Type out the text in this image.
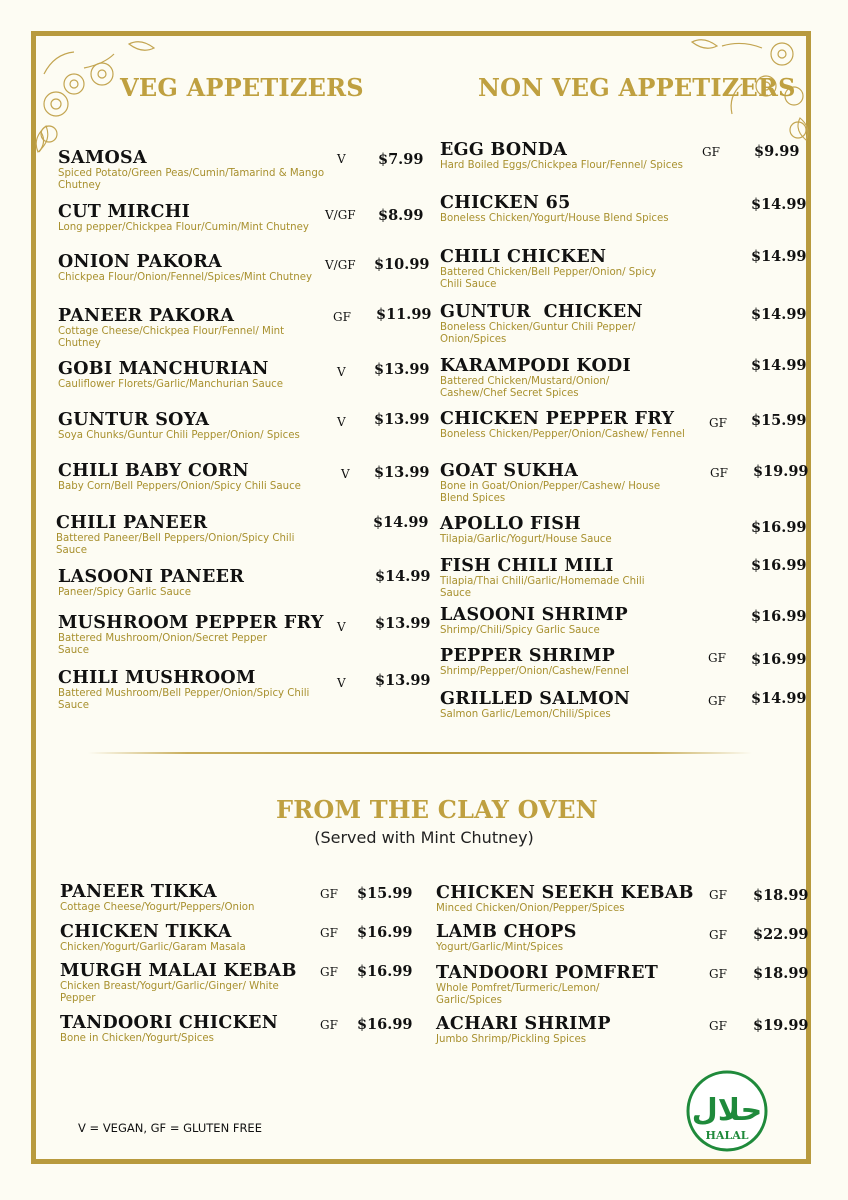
VEG APPETIZERS	NON VEG APPETIZERS
SAMOSA
Spiced Potato/Green Peas/Cumin/Tamarind & Mango Chutney
V $7.99
CUT MIRCHI
Long pepper/Chickpea Flour/Cumin/Mint Chutney
V/GF $8.99
ONION PAKORA
Chickpea Flour/Onion/Fennel/Spices/Mint Chutney
V/GF $10.99
PANEER PAKORA
Cottage Cheese/Chickpea Flour/Fennel/ Mint Chutney
GF $11.99
GOBI MANCHURIAN
Cauliflower Florets/Garlic/Manchurian Sauce
V $13.99
GUNTUR SOYA
Soya Chunks/Guntur Chili Pepper/Onion/ Spices
V $13.99
CHILI BABY CORN
Baby Corn/Bell Peppers/Onion/Spicy Chili Sauce
V $13.99
CHILI PANEER
Battered Paneer/Bell Peppers/Onion/Spicy Chili Sauce
$14.99
LASOONI PANEER
Paneer/Spicy Garlic Sauce
$14.99
MUSHROOM PEPPER FRY
Battered Mushroom/Onion/Secret Pepper Sauce
V $13.99
CHILI MUSHROOM
Battered Mushroom/Bell Pepper/Onion/Spicy Chili Sauce
V $13.99
EGG BONDA
Hard Boiled Eggs/Chickpea Flour/Fennel/ Spices
GF $9.99
CHICKEN 65
Boneless Chicken/Yogurt/House Blend Spices
$14.99
CHILI CHICKEN
Battered Chicken/Bell Pepper/Onion/ Spicy Chili Sauce
$14.99
GUNTUR  CHICKEN
Boneless Chicken/Guntur Chili Pepper/ Onion/Spices
$14.99
KARAMPODI KODI
Battered Chicken/Mustard/Onion/ Cashew/Chef Secret Spices
$14.99
CHICKEN PEPPER FRY
Boneless Chicken/Pepper/Onion/Cashew/ Fennel
GF $15.99
GOAT SUKHA
Bone in Goat/Onion/Pepper/Cashew/ House Blend Spices
GF $19.99
APOLLO FISH
Tilapia/Garlic/Yogurt/House Sauce
$16.99
FISH CHILI MILI
Tilapia/Thai Chili/Garlic/Homemade Chili Sauce
$16.99
LASOONI SHRIMP
Shrimp/Chili/Spicy Garlic Sauce
$16.99
PEPPER SHRIMP
Shrimp/Pepper/Onion/Cashew/Fennel
GF $16.99
GRILLED SALMON
Salmon Garlic/Lemon/Chili/Spices
GF $14.99
FROM THE CLAY OVEN

(Served with Mint Chutney)

PANEER TIKKA
Cottage Cheese/Yogurt/Peppers/Onion
GF $15.99
CHICKEN TIKKA
Chicken/Yogurt/Garlic/Garam Masala
GF $16.99
MURGH MALAI KEBAB
Chicken Breast/Yogurt/Garlic/Ginger/ White Pepper
GF $16.99
TANDOORI CHICKEN
Bone in Chicken/Yogurt/Spices
GF $16.99
CHICKEN SEEKH KEBAB
Minced Chicken/Onion/Pepper/Spices
GF $18.99
LAMB CHOPS
Yogurt/Garlic/Mint/Spices
GF $22.99
TANDOORI POMFRET
Whole Pomfret/Turmeric/Lemon/ Garlic/Spices
GF $18.99
ACHARI SHRIMP
Jumbo Shrimp/Pickling Spices
GF $19.99
V = VEGAN, GF = GLUTEN FREE	حلال
HALAL
